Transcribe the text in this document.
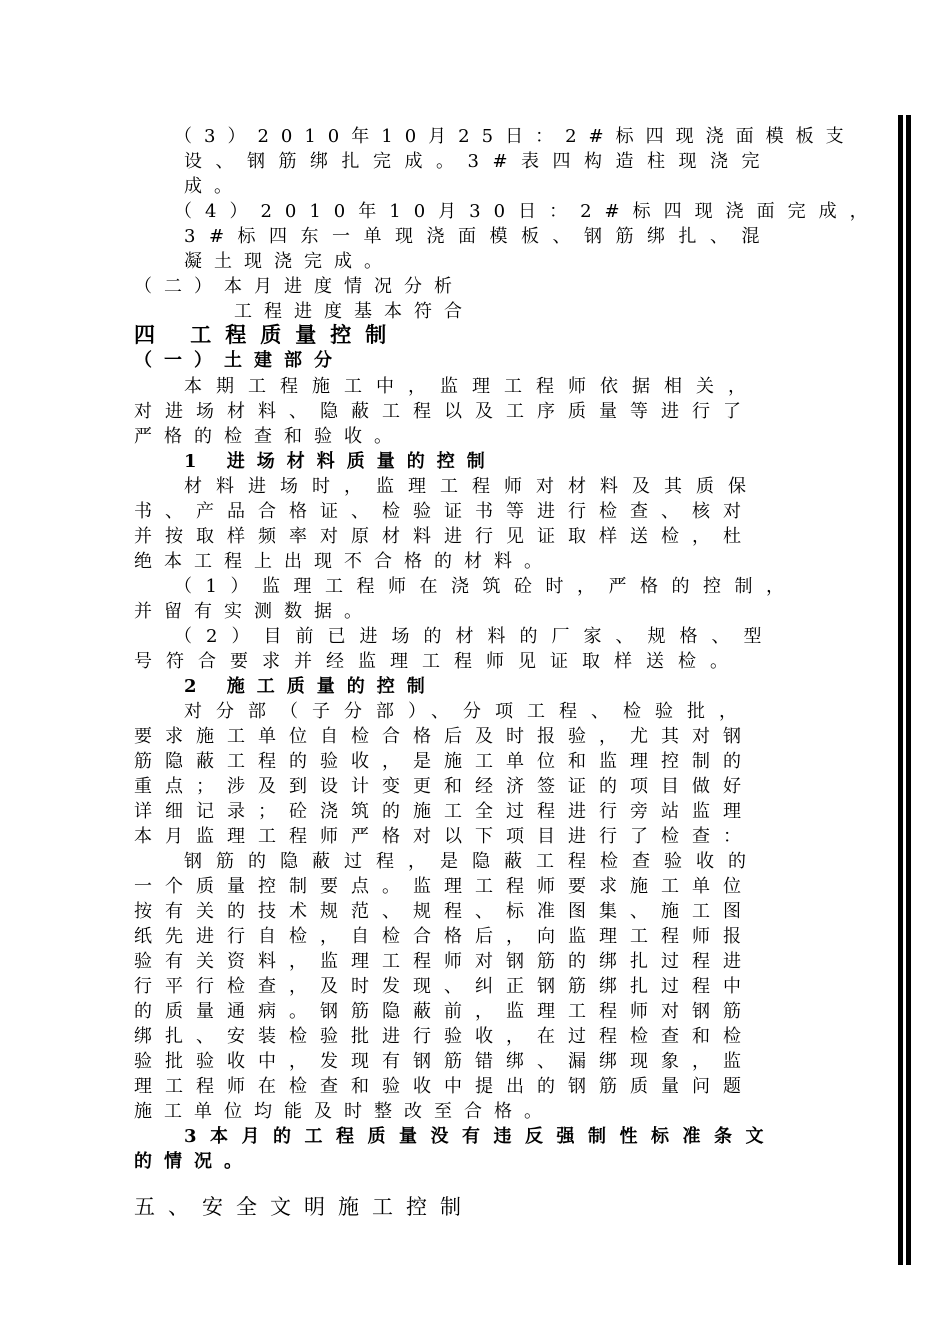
（3）2010年10月25日：2#标四现浇面模板支
设、钢筋绑扎完成。3#表四构造柱现浇完
成。
（4）2010年10月30日：2#标四现浇面完成，
3#标四东一单现浇面模板、钢筋绑扎、混
凝土现浇完成。
（二）本月进度情况分析
工程进度基本符合
四 工程质量控制
（一）土建部分
本期工程施工中，监理工程师依据相关，
对进场材料、隐蔽工程以及工序质量等进行了
严格的检查和验收。
1 进场材料质量的控制
材料进场时，监理工程师对材料及其质保
书、产品合格证、检验证书等进行检查、核对
并按取样频率对原材料进行见证取样送检，杜
绝本工程上出现不合格的材料。
（1）监理工程师在浇筑砼时，严格的控制，
并留有实测数据。
（2）目前已进场的材料的厂家、规格、型
号符合要求并经监理工程师见证取样送检。
2 施工质量的控制
对分部（子分部）、分项工程、检验批，
要求施工单位自检合格后及时报验，尤其对钢
筋隐蔽工程的验收，是施工单位和监理控制的
重点；涉及到设计变更和经济签证的项目做好
详细记录；砼浇筑的施工全过程进行旁站监理
本月监理工程师严格对以下项目进行了检查：
钢筋的隐蔽过程，是隐蔽工程检查验收的
一个质量控制要点。监理工程师要求施工单位
按有关的技术规范、规程、标准图集、施工图
纸先进行自检，自检合格后，向监理工程师报
验有关资料，监理工程师对钢筋的绑扎过程进
行平行检查，及时发现、纠正钢筋绑扎过程中
的质量通病。钢筋隐蔽前，监理工程师对钢筋
绑扎、安装检验批进行验收，在过程检查和检
验批验收中，发现有钢筋错绑、漏绑现象，监
理工程师在检查和验收中提出的钢筋质量问题
施工单位均能及时整改至合格。
3本月的工程质量没有违反强制性标准条文
的情况。
五、安全文明施工控制
